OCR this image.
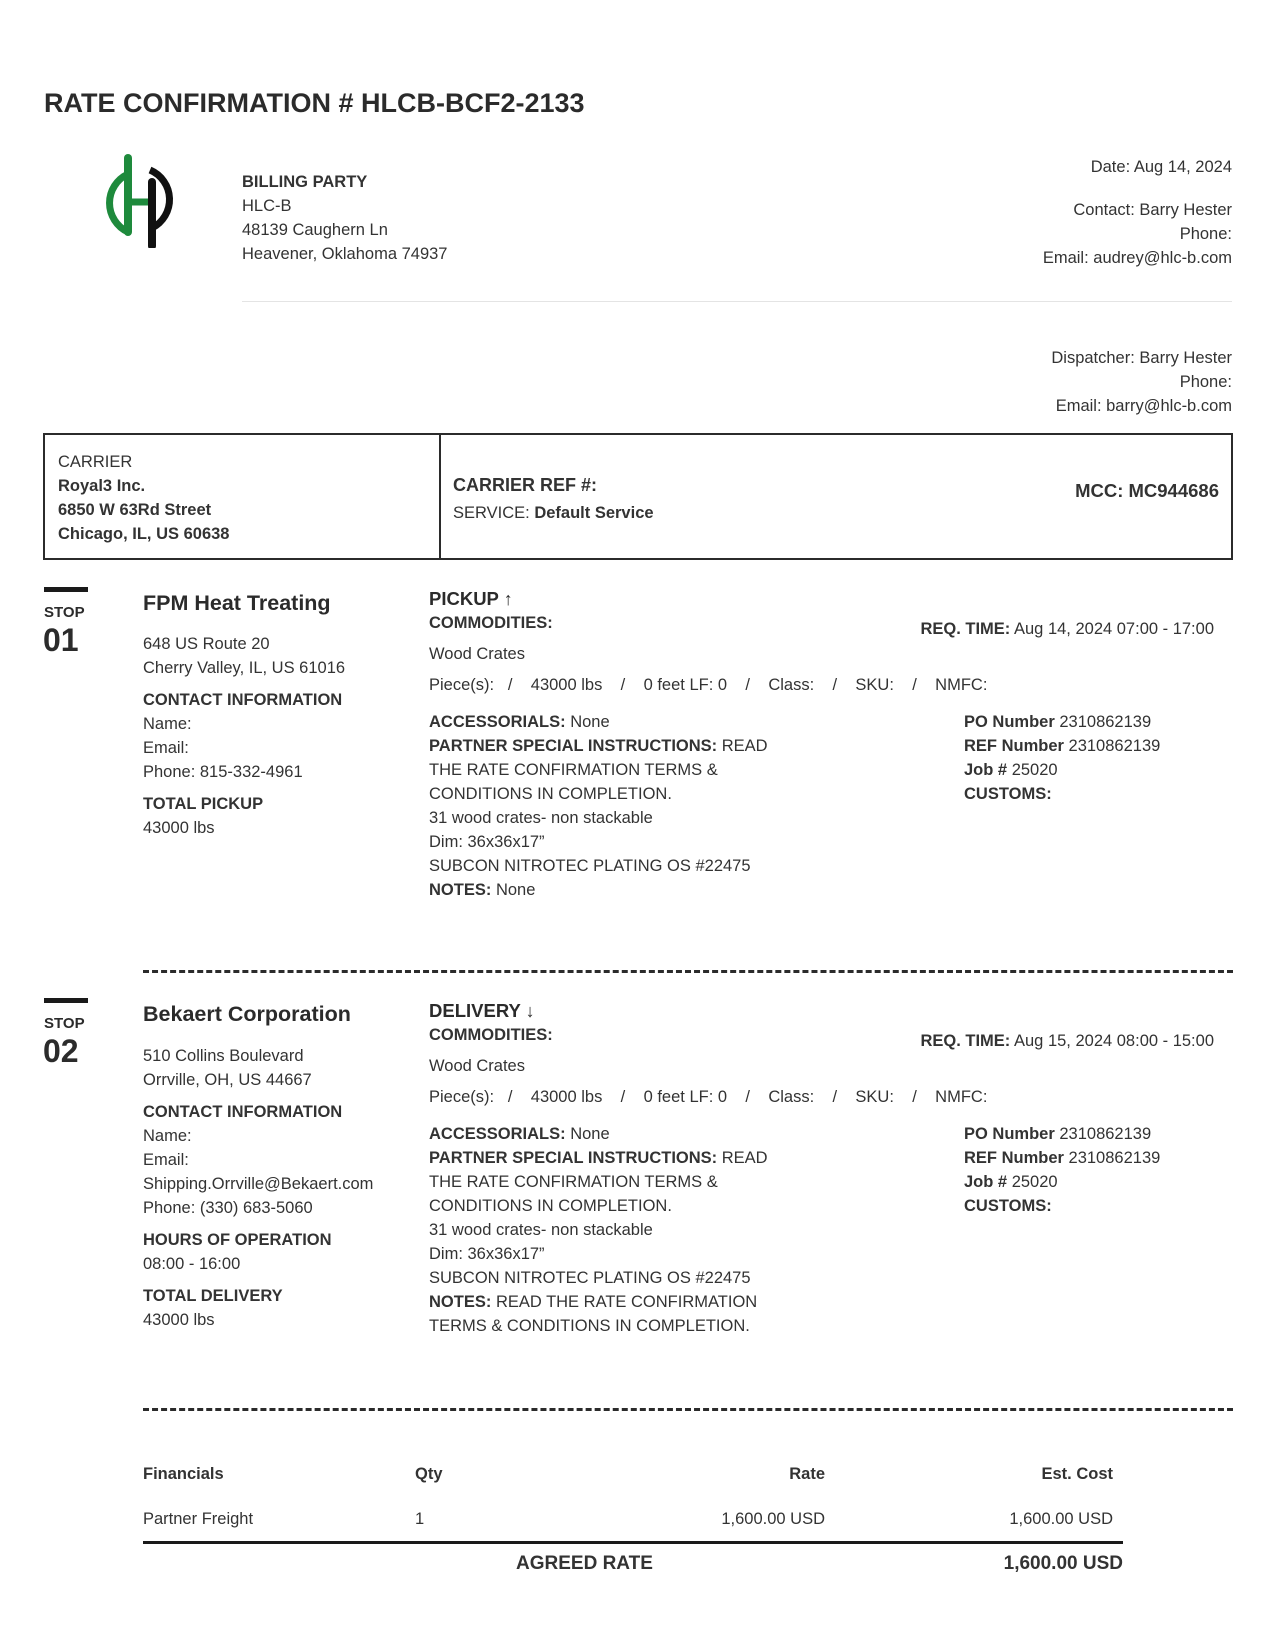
RATE CONFIRMATION # HLCB-BCF2-2133
BILLING PARTY
HLC-B
48139 Caughern Ln
Heavener, Oklahoma 74937
Date: Aug 14, 2024
Contact: Barry Hester
Phone:
Email: audrey@hlc-b.com
Dispatcher: Barry Hester
Phone:
Email: barry@hlc-b.com
CARRIER
Royal3 Inc.
6850 W 63Rd Street
Chicago, IL, US 60638
CARRIER REF #:
SERVICE: Default Service
MCC: MC944686
STOP
01
FPM Heat Treating
648 US Route 20
Cherry Valley, IL, US 61016
CONTACT INFORMATION
Name:
Email:
Phone: 815-332-4961
TOTAL PICKUP
43000 lbs
PICKUP ↑
COMMODITIES:
Wood Crates
REQ. TIME: Aug 14, 2024 07:00 - 17:00
Piece(s):   /    43000 lbs    /    0 feet LF: 0    /    Class:    /    SKU:    /    NMFC:
ACCESSORIALS: None
PARTNER SPECIAL INSTRUCTIONS: READ
THE RATE CONFIRMATION TERMS &
CONDITIONS IN COMPLETION.
31 wood crates- non stackable
Dim: 36x36x17”
SUBCON NITROTEC PLATING OS #22475
NOTES: None
PO Number 2310862139
REF Number 2310862139
Job # 25020
CUSTOMS:
STOP
02
Bekaert Corporation
510 Collins Boulevard
Orrville, OH, US 44667
CONTACT INFORMATION
Name:
Email:
Shipping.Orrville@Bekaert.com
Phone: (330) 683-5060
HOURS OF OPERATION
08:00 - 16:00
TOTAL DELIVERY
43000 lbs
DELIVERY ↓
COMMODITIES:
Wood Crates
REQ. TIME: Aug 15, 2024 08:00 - 15:00
Piece(s):   /    43000 lbs    /    0 feet LF: 0    /    Class:    /    SKU:    /    NMFC:
ACCESSORIALS: None
PARTNER SPECIAL INSTRUCTIONS: READ
THE RATE CONFIRMATION TERMS &
CONDITIONS IN COMPLETION.
31 wood crates- non stackable
Dim: 36x36x17”
SUBCON NITROTEC PLATING OS #22475
NOTES: READ THE RATE CONFIRMATION
TERMS & CONDITIONS IN COMPLETION.
PO Number 2310862139
REF Number 2310862139
Job # 25020
CUSTOMS:
Financials	Qty	Rate	Est. Cost
Partner Freight	1	1,600.00 USD	1,600.00 USD
AGREED RATE	1,600.00 USD
